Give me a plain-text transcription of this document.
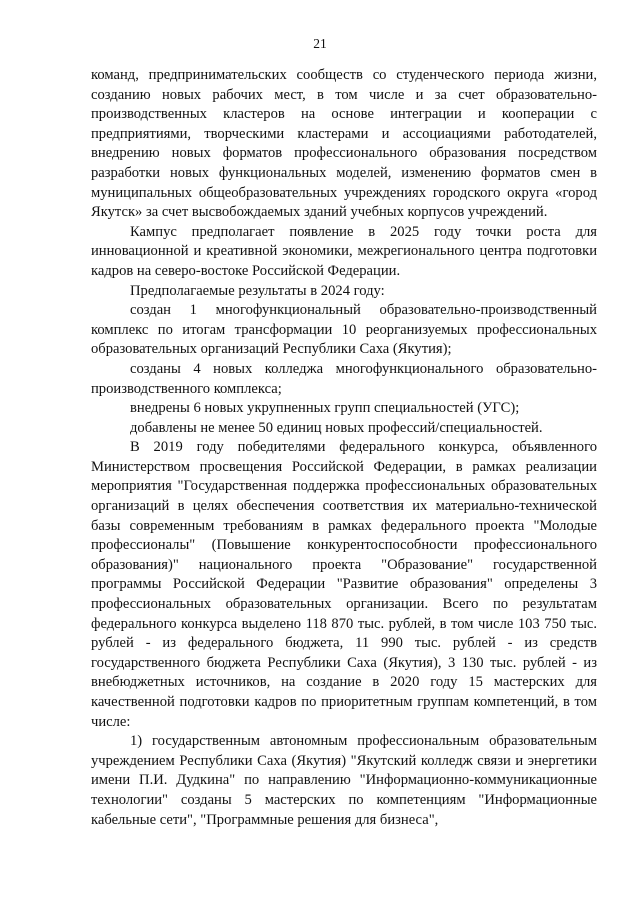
21

команд, предпринимательских сообществ со студенческого периода жизни, созданию новых рабочих мест, в том числе и за счет образовательно-производственных кластеров на основе интеграции и кооперации с предприятиями, творческими кластерами и ассоциациями работодателей, внедрению новых форматов профессионального образования посредством разработки новых функциональных моделей, изменению форматов смен в муниципальных общеобразовательных учреждениях городского округа «город Якутск» за счет высвобождаемых зданий учебных корпусов учреждений.

Кампус предполагает появление в 2025 году точки роста для инновационной и креативной экономики, межрегионального центра подготовки кадров на северо-востоке Российской Федерации.

Предполагаемые результаты в 2024 году:

создан 1 многофункциональный образовательно-производственный комплекс по итогам трансформации 10 реорганизуемых профессиональных образовательных организаций Республики Саха (Якутия);

созданы 4 новых колледжа многофункционального образовательно-производственного комплекса;

внедрены 6 новых укрупненных групп специальностей (УГС);

добавлены не менее 50 единиц новых профессий/специальностей.

В 2019 году победителями федерального конкурса, объявленного Министерством просвещения Российской Федерации, в рамках реализации мероприятия "Государственная поддержка профессиональных образовательных организаций в целях обеспечения соответствия их материально-технической базы современным требованиям в рамках федерального проекта "Молодые профессионалы" (Повышение конкурентоспособности профессионального образования)" национального проекта "Образование" государственной программы Российской Федерации "Развитие образования" определены 3 профессиональных образовательных организации. Всего по результатам федерального конкурса выделено 118 870 тыс. рублей, в том числе 103 750 тыс. рублей - из федерального бюджета, 11 990 тыс. рублей - из средств государственного бюджета Республики Саха (Якутия), 3 130 тыс. рублей - из внебюджетных источников, на создание в 2020 году 15 мастерских для качественной подготовки кадров по приоритетным группам компетенций, в том числе:

1) государственным автономным профессиональным образовательным учреждением Республики Саха (Якутия) "Якутский колледж связи и энергетики имени П.И. Дудкина" по направлению "Информационно-коммуникационные технологии" созданы 5 мастерских по компетенциям "Информационные кабельные сети", "Программные решения для бизнеса",
